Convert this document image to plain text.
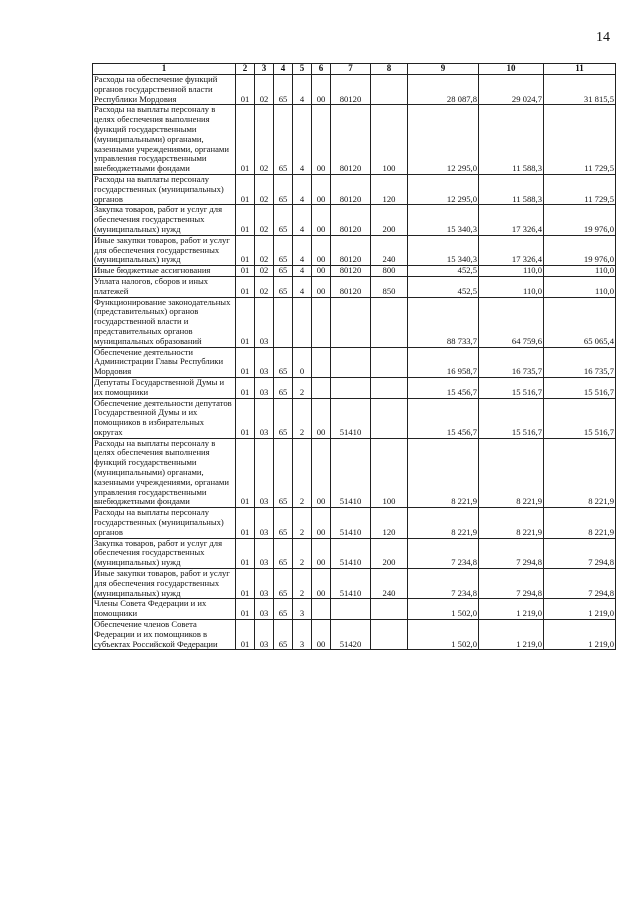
14
1	2	3	4	5	6	7	8	9	10	11
Расходы на обеспечение функций органов государственной власти Республики Мордовия	01	02	65	4	00	80120		28 087,8	29 024,7	31 815,5
Расходы на выплаты персоналу в целях обеспечения выполнения функций государственными (муниципальными) органами, казенными учреждениями, органами управления государственными внебюджетными фондами	01	02	65	4	00	80120	100	12 295,0	11 588,3	11 729,5
Расходы на выплаты персоналу государственных (муниципальных) органов	01	02	65	4	00	80120	120	12 295,0	11 588,3	11 729,5
Закупка товаров, работ и услуг для обеспечения государственных (муниципальных) нужд	01	02	65	4	00	80120	200	15 340,3	17 326,4	19 976,0
Иные закупки товаров, работ и услуг для обеспечения государственных (муниципальных) нужд	01	02	65	4	00	80120	240	15 340,3	17 326,4	19 976,0
Иные бюджетные ассигнования	01	02	65	4	00	80120	800	452,5	110,0	110,0
Уплата налогов, сборов и иных платежей	01	02	65	4	00	80120	850	452,5	110,0	110,0
Функционирование законодательных (представительных) органов государственной власти и представительных органов муниципальных образований	01	03						88 733,7	64 759,6	65 065,4
Обеспечение деятельности Администрации Главы Республики Мордовия	01	03	65	0				16 958,7	16 735,7	16 735,7
Депутаты Государственной Думы и их помощники	01	03	65	2				15 456,7	15 516,7	15 516,7
Обеспечение деятельности депутатов Государственной Думы и их помощников в избирательных округах	01	03	65	2	00	51410		15 456,7	15 516,7	15 516,7
Расходы на выплаты персоналу в целях обеспечения выполнения функций государственными (муниципальными) органами, казенными учреждениями, органами управления государственными внебюджетными фондами	01	03	65	2	00	51410	100	8 221,9	8 221,9	8 221,9
Расходы на выплаты персоналу государственных (муниципальных) органов	01	03	65	2	00	51410	120	8 221,9	8 221,9	8 221,9
Закупка товаров, работ и услуг для обеспечения государственных (муниципальных) нужд	01	03	65	2	00	51410	200	7 234,8	7 294,8	7 294,8
Иные закупки товаров, работ и услуг для обеспечения государственных (муниципальных) нужд	01	03	65	2	00	51410	240	7 234,8	7 294,8	7 294,8
Члены Совета Федерации и их помощники	01	03	65	3				1 502,0	1 219,0	1 219,0
Обеспечение членов Совета Федерации и их помощников в субъектах Российской Федерации	01	03	65	3	00	51420		1 502,0	1 219,0	1 219,0
